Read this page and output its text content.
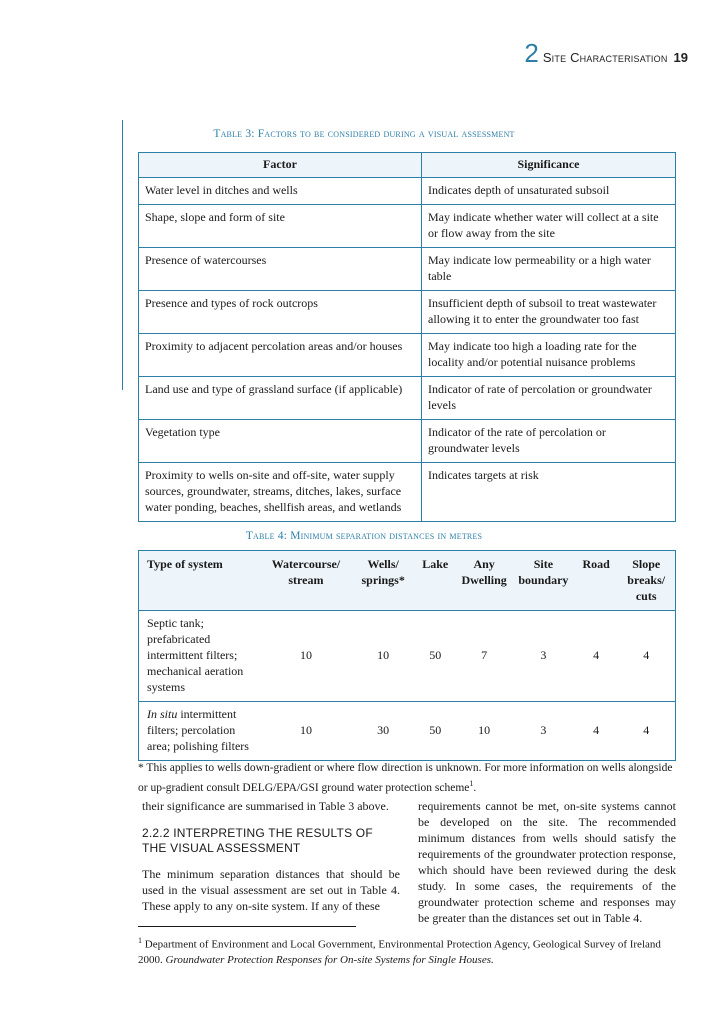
2 Site Characterisation 19
Table 3: Factors to be considered during a visual assessment
Factor	Significance
Water level in ditches and wells	Indicates depth of unsaturated subsoil
Shape, slope and form of site	May indicate whether water will collect at a site or flow away from the site
Presence of watercourses	May indicate low permeability or a high water table
Presence and types of rock outcrops	Insufficient depth of subsoil to treat wastewater allowing it to enter the groundwater too fast
Proximity to adjacent percolation areas and/or houses	May indicate too high a loading rate for the locality and/or potential nuisance problems
Land use and type of grassland surface (if applicable)	Indicator of rate of percolation or groundwater levels
Vegetation type	Indicator of the rate of percolation or groundwater levels
Proximity to wells on-site and off-site, water supply sources, groundwater, streams, ditches, lakes, surface water ponding, beaches, shellfish areas, and wetlands	Indicates targets at risk
Table 4: Minimum separation distances in metres
Type of system	Watercourse/ stream	Wells/ springs*	Lake	Any Dwelling	Site boundary	Road	Slope breaks/ cuts
Septic tank; prefabricated intermittent filters; mechanical aeration systems	10	10	50	7	3	4	4
In situ intermittent filters; percolation area; polishing filters	10	30	50	10	3	4	4
* This applies to wells down-gradient or where flow direction is unknown. For more information on wells alongside or up-gradient consult DELG/EPA/GSI ground water protection scheme$^1$.

their significance are summarised in Table 3 above.

2.2.2 INTERPRETING THE RESULTS OF THE VISUAL ASSESSMENT

The minimum separation distances that should be used in the visual assessment are set out in Table 4. These apply to any on-site system. If any of these

requirements cannot be met, on-site systems cannot be developed on the site. The recommended minimum distances from wells should satisfy the requirements of the groundwater protection response, which should have been reviewed during the desk study. In some cases, the requirements of the groundwater protection scheme and responses may be greater than the distances set out in Table 4.

$^1$ Department of Environment and Local Government, Environmental Protection Agency, Geological Survey of Ireland 2000. Groundwater Protection Responses for On-site Systems for Single Houses.
